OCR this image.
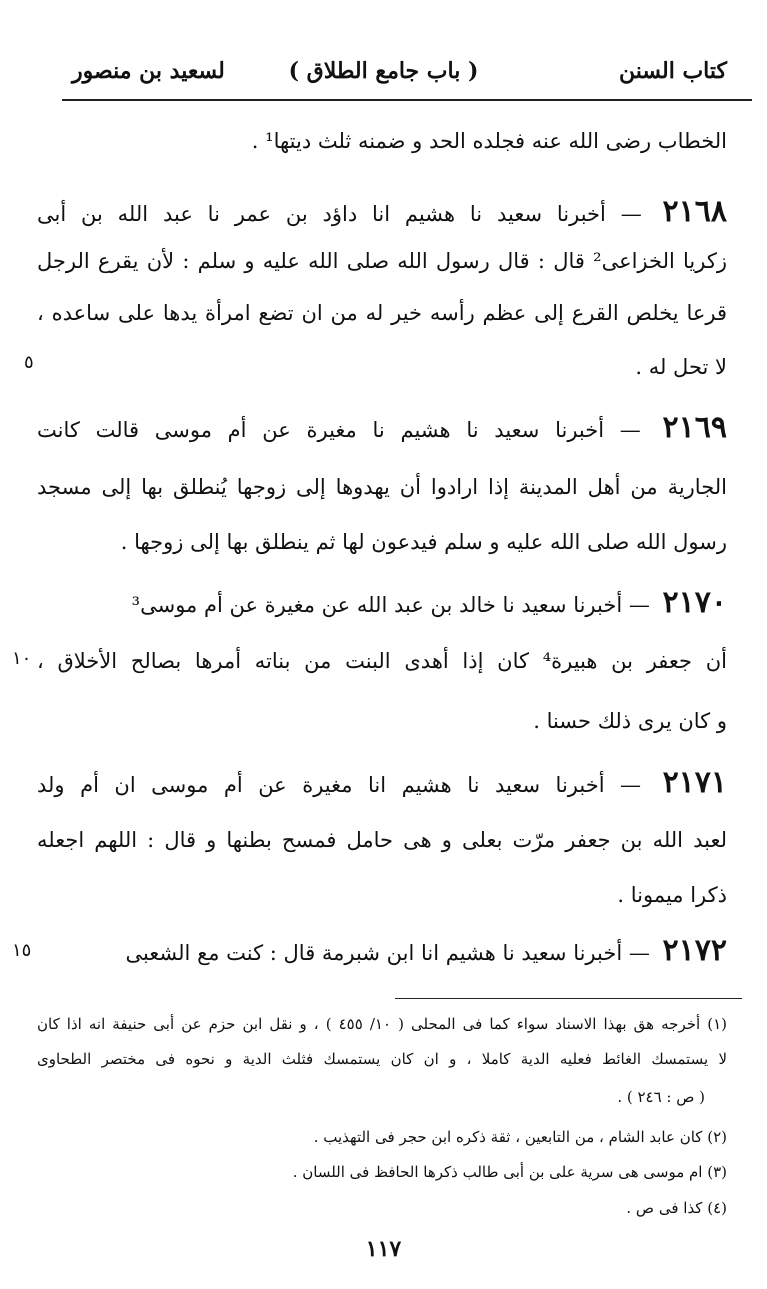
كتاب السنن
( باب جامع الطلاق )
لسعيد بن منصور
الخطاب رضى الله عنه فجلده الحد و ضمنه ثلث ديتها¹ .
٢١٦٨ — أخبرنا سعيد نا هشيم انا داؤد بن عمر نا عبد الله بن أبى
زكريا الخزاعى² قال : قال رسول الله صلى الله عليه و سلم : لأن يقرع الرجل
قرعا يخلص القرع إلى عظم رأسه خير له من ان تضع امرأة يدها على ساعده ،
لا تحل له .
٢١٦٩ — أخبرنا سعيد نا هشيم نا مغيرة عن أم موسى قالت كانت
الجارية من أهل المدينة إذا ارادوا أن يهدوها إلى زوجها يُنطلق بها إلى مسجد
رسول الله صلى الله عليه و سلم فيدعون لها ثم ينطلق بها إلى زوجها .
٢١٧٠ — أخبرنا سعيد نا خالد بن عبد الله عن مغيرة عن أم موسى³
أن جعفر بن هبيرة⁴ كان إذا أهدى البنت من بناته أمرها بصالح الأخلاق ،
و كان يرى ذلك حسنا .
٢١٧١ — أخبرنا سعيد نا هشيم انا مغيرة عن أم موسى ان أم ولد
لعبد الله بن جعفر مرّت بعلى و هى حامل فمسح بطنها و قال : اللهم اجعله
ذكرا ميمونا .
٢١٧٢ — أخبرنا سعيد نا هشيم انا ابن شبرمة قال : كنت مع الشعبى
٥
١٠
١٥
(١) أخرجه هق بهذا الاسناد سواء كما فى المحلى ( ١٠/ ٤٥٥ ) ، و نقل ابن حزم عن أبى حنيفة انه اذا كان
لا يستمسك الغائط فعليه الدية كاملا ، و ان كان يستمسك فثلث الدية و نحوه فى مختصر الطحاوى
( ص : ٢٤٦ ) .
(٢) كان عابد الشام ، من التابعين ، ثقة ذكره ابن حجر فى التهذيب .
(٣) ام موسى هى سرية على بن أبى طالب ذكرها الحافظ فى اللسان .
(٤) كذا فى ص .
١١٧
